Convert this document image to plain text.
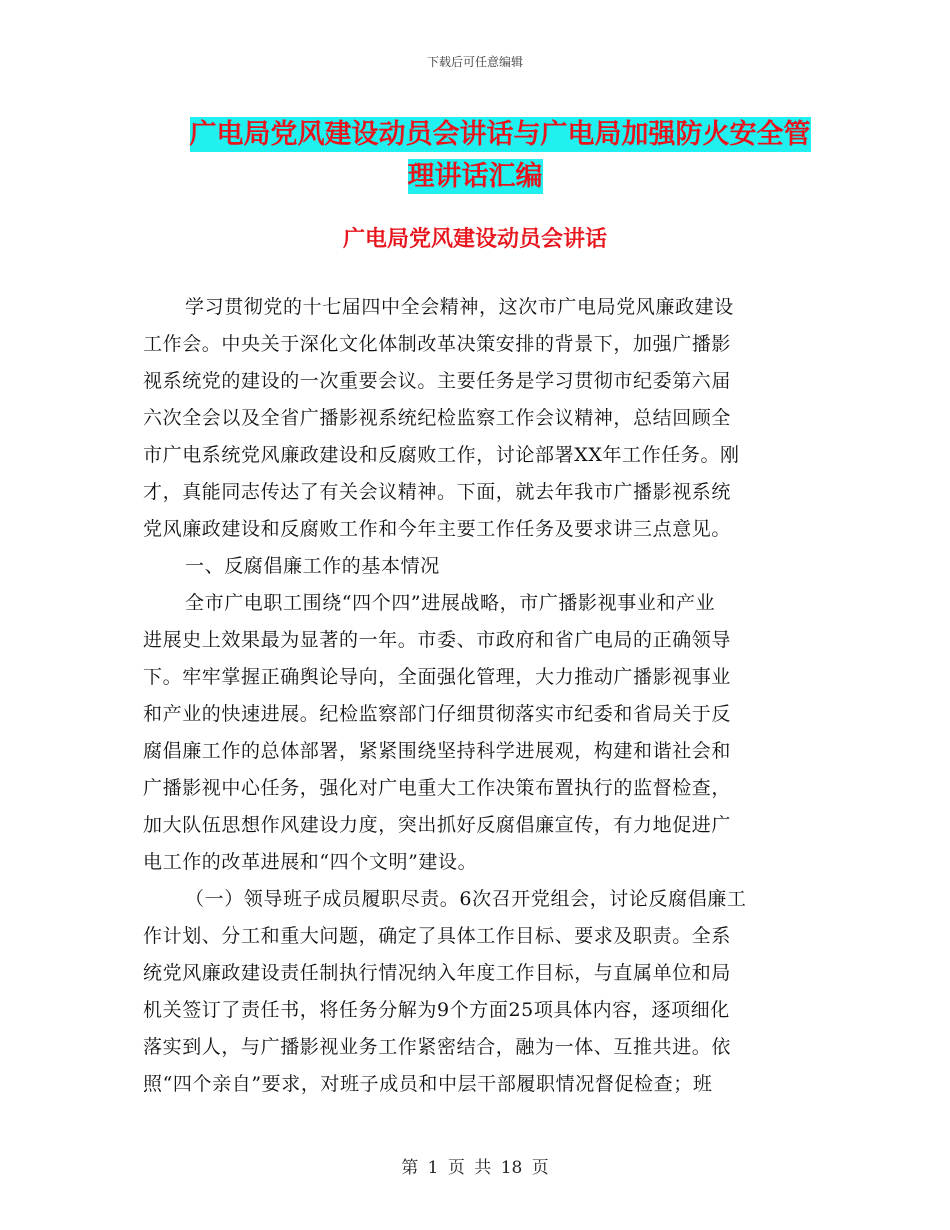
下载后可任意编辑
广电局党风建设动员会讲话与广电局加强防火安全管
理讲话汇编
广电局党风建设动员会讲话
学习贯彻党的十七届四中全会精神，这次市广电局党风廉政建设
工作会。中央关于深化文化体制改革决策安排的背景下，加强广播影
视系统党的建设的一次重要会议。主要任务是学习贯彻市纪委第六届
六次全会以及全省广播影视系统纪检监察工作会议精神，总结回顾全
市广电系统党风廉政建设和反腐败工作，讨论部署XX年工作任务。刚
才，真能同志传达了有关会议精神。下面，就去年我市广播影视系统
党风廉政建设和反腐败工作和今年主要工作任务及要求讲三点意见。
一、反腐倡廉工作的基本情况
全市广电职工围绕“四个四”进展战略，市广播影视事业和产业
进展史上效果最为显著的一年。市委、市政府和省广电局的正确领导
下。牢牢掌握正确舆论导向，全面强化管理，大力推动广播影视事业
和产业的快速进展。纪检监察部门仔细贯彻落实市纪委和省局关于反
腐倡廉工作的总体部署，紧紧围绕坚持科学进展观，构建和谐社会和
广播影视中心任务，强化对广电重大工作决策布置执行的监督检查，
加大队伍思想作风建设力度，突出抓好反腐倡廉宣传，有力地促进广
电工作的改革进展和“四个文明”建设。
（一）领导班子成员履职尽责。6次召开党组会，讨论反腐倡廉工
作计划、分工和重大问题，确定了具体工作目标、要求及职责。全系
统党风廉政建设责任制执行情况纳入年度工作目标，与直属单位和局
机关签订了责任书，将任务分解为9个方面25项具体内容，逐项细化
落实到人，与广播影视业务工作紧密结合，融为一体、互推共进。依
照“四个亲自”要求，对班子成员和中层干部履职情况督促检查；班
第 1 页 共 18 页
